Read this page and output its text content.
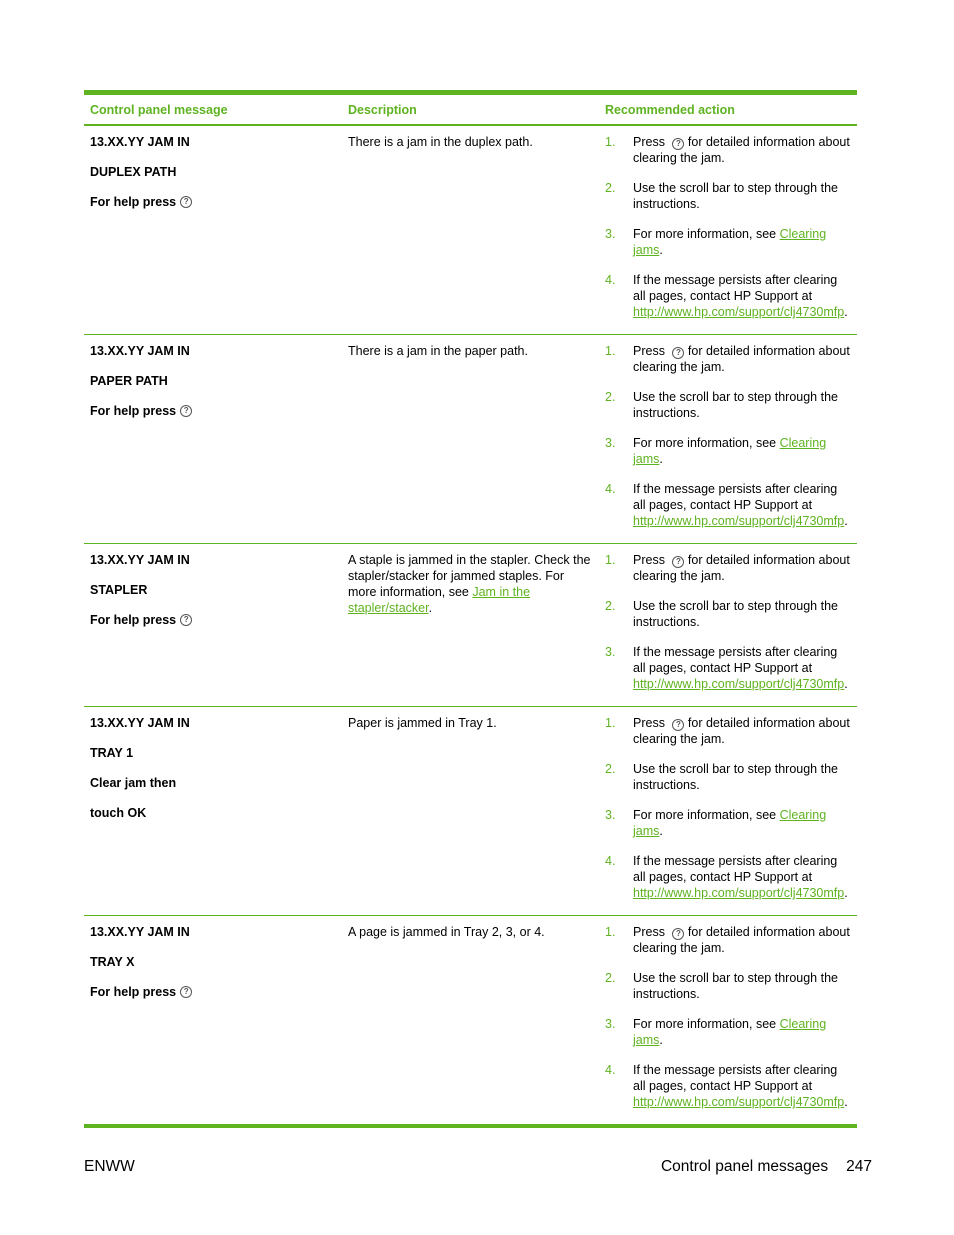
Control panel message	Description	Recommended action
13.XX.YY JAM IN
DUPLEX PATH
For help press ?
There is a jam in the duplex path.	1.	Press ? for detailed information about clearing the jam.
2.	Use the scroll bar to step through the instructions.
3.	For more information, see Clearing jams.
4.	If the message persists after clearing all pages, contact HP Support at http://www.hp.com/support/clj4730mfp.
13.XX.YY JAM IN
PAPER PATH
For help press ?
There is a jam in the paper path.	1.	Press ? for detailed information about clearing the jam.
2.	Use the scroll bar to step through the instructions.
3.	For more information, see Clearing jams.
4.	If the message persists after clearing all pages, contact HP Support at http://www.hp.com/support/clj4730mfp.
13.XX.YY JAM IN
STAPLER
For help press ?
A staple is jammed in the stapler. Check the stapler/stacker for jammed staples. For more information, see Jam in the stapler/stacker.
1.	Press ? for detailed information about clearing the jam.
2.	Use the scroll bar to step through the instructions.
3.	If the message persists after clearing all pages, contact HP Support at http://www.hp.com/support/clj4730mfp.
13.XX.YY JAM IN
TRAY 1
Clear jam then
touch OK
Paper is jammed in Tray 1.	1.	Press ? for detailed information about clearing the jam.
2.	Use the scroll bar to step through the instructions.
3.	For more information, see Clearing jams.
4.	If the message persists after clearing all pages, contact HP Support at http://www.hp.com/support/clj4730mfp.
13.XX.YY JAM IN
TRAY X
For help press ?
A page is jammed in Tray 2, 3, or 4.	1.	Press ? for detailed information about clearing the jam.
2.	Use the scroll bar to step through the instructions.
3.	For more information, see Clearing jams.
4.	If the message persists after clearing all pages, contact HP Support at http://www.hp.com/support/clj4730mfp.
ENWW	Control panel messages 247
